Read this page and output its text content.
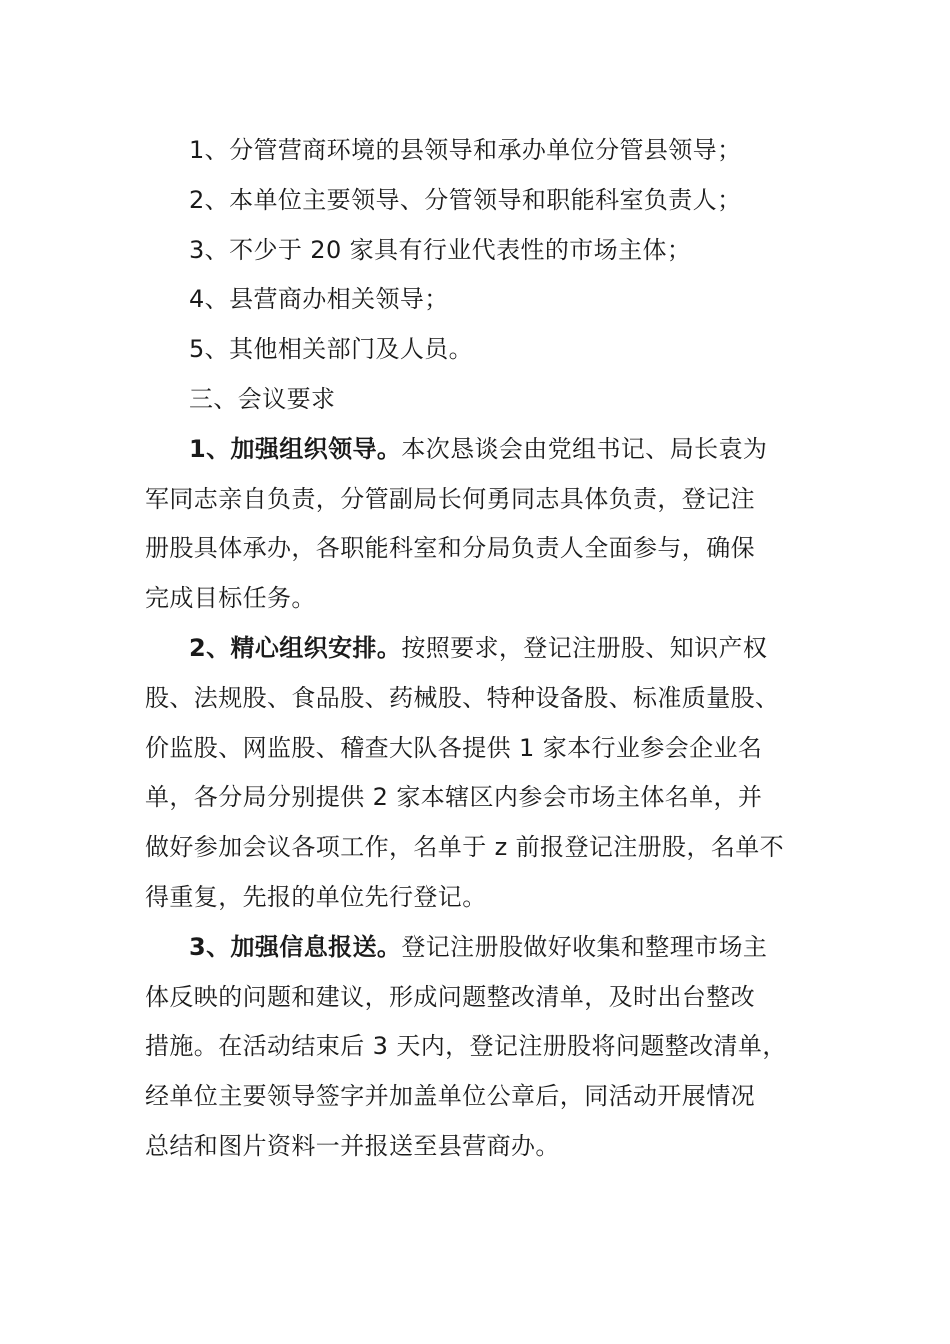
1、分管营商环境的县领导和承办单位分管县领导；
2、本单位主要领导、分管领导和职能科室负责人；
3、不少于 20 家具有行业代表性的市场主体；
4、县营商办相关领导；
5、其他相关部门及人员。
三、会议要求
1、加强组织领导。本次恳谈会由党组书记、局长袁为
军同志亲自负责，分管副局长何勇同志具体负责，登记注
册股具体承办，各职能科室和分局负责人全面参与，确保
完成目标任务。
2、精心组织安排。按照要求，登记注册股、知识产权
股、法规股、食品股、药械股、特种设备股、标准质量股、
价监股、网监股、稽查大队各提供 1 家本行业参会企业名
单，各分局分别提供 2 家本辖区内参会市场主体名单，并
做好参加会议各项工作，名单于 z 前报登记注册股，名单不
得重复，先报的单位先行登记。
3、加强信息报送。登记注册股做好收集和整理市场主
体反映的问题和建议，形成问题整改清单，及时出台整改
措施。在活动结束后 3 天内，登记注册股将问题整改清单，
经单位主要领导签字并加盖单位公章后，同活动开展情况
总结和图片资料一并报送至县营商办。
